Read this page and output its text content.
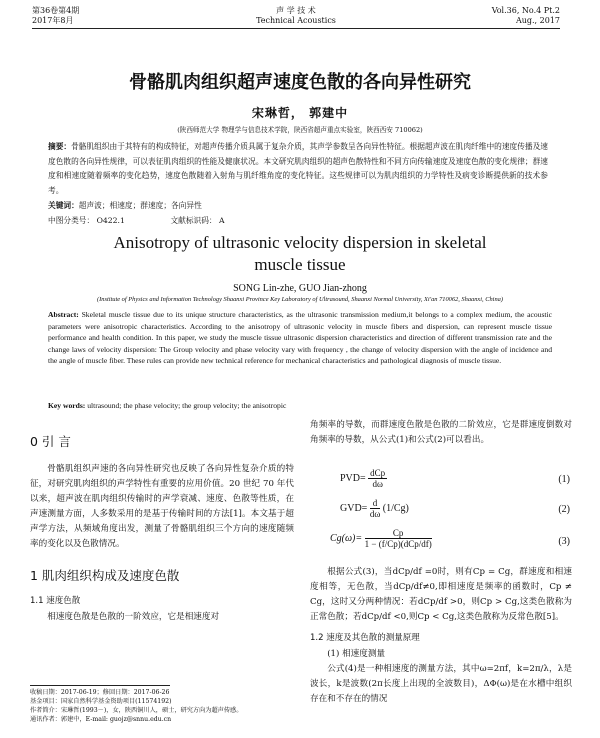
第36卷第4期
2017年8月
声 学 技 术
Technical Acoustics
Vol.36, No.4 Pt.2
Aug., 2017
骨骼肌肉组织超声速度色散的各向异性研究
宋琳哲， 郭建中
(陕西师范大学 物理学与信息技术学院，陕西省超声重点实验室，陕西西安 710062)
摘要：骨骼肌组织由于其特有的构成特征，对超声传播介质具属于复杂介质，其声学参数呈各向异性特征。根据超声波在肌肉纤维中的速度传播及速度色散的各向异性规律，可以表征肌肉组织的性能及健康状况。本文研究肌肉组织的超声色散特性和不同方向传输速度及速度色散的变化规律；群速度和相速度随着频率的变化趋势，速度色散随着入射角与肌纤维角度的变化特征。这些规律可以为肌肉组织的力学特性及病变诊断提供新的技术参考。
关键词：超声波；相速度；群速度；各向异性
中图分类号： O422.1	文献标识码： A
Anisotropy of ultrasonic velocity dispersion in skeletal
muscle tissue
SONG Lin-zhe, GUO Jian-zhong
(Institute of Physics and Information Technology Shaanxi Province Key Laboratory of Ultrasound, Shaanxi Normal University, Xi'an 710062, Shaanxi, China)
Abstract: Skeletal muscle tissue due to its unique structure characteristics, as the ultrasonic transmission medium,it belongs to a complex medium, the acoustic parameters were anisotropic characteristics. According to the anisotropy of ultrasonic velocity in muscle fibers and dispersion, can represent muscle tissue performance and health condition. In this paper, we study the muscle tissue ultrasonic dispersion characteristics and direction of different transmission rate and the change laws of velocity dispersion: The Group velocity and phase velocity vary with frequency , the change of velocity dispersion with the angle of incidence and the angle of muscle fiber. These rules can provide new technical reference for mechanical characteristics and pathological diagnosis of muscle tissue.
Key words: ultrasound; the phase velocity; the group velocity; the anisotropic
0 引 言

骨骼肌组织声速的各向异性研究也反映了各向异性复杂介质的特征，对研究肌肉组织的声学特性有重要的应用价值。20 世纪 70 年代以来，超声波在肌肉组织传输时的声学衰减、速度、色散等性质，在声速测量方面，人多数采用的是基于传输时间的方法[1]。本文基于超声学方法，从频域角度出发，测量了骨骼肌组织三个方向的速度随频率的变化以及色散情况。

1 肌肉组织构成及速度色散
1.1 速度色散

相速度色散是色散的一阶效应，它是相速度对

收稿日期：2017-06-19；修回日期：2017-06-26
基金项目：国家自然科学基金资助项目(11574192)
作者简介：宋琳哲(1993－)，女，陕西铜川人，硕士，研究方向为超声传感。
通讯作者：郭建中，E-mail: guojz@snnu.edu.cn

角频率的导数，而群速度色散是色散的二阶效应，它是群速度倒数对角频率的导数，从公式(1)和公式(2)可以看出。

$PVD= \frac{\text{dCp}}{d\omega}$	(1)
$GVD= \frac{d}{d\omega} (1/Cg)$	(2)
$Cg(\omega)= \frac{Cp}{\text{1 − (f/Cp)(dCp/df)}}$	(3)

根据公式(3)，当dCp/df =0时，则有Cp = Cg，群速度和相速度相等，无色散，当dCp/df≠0,即相速度是频率的函数时，Cp ≠ Cg，这时又分两种情况：若dCp/df >0，则Cp > Cg,这类色散称为正常色散；若dCp/df <0,则Cp < Cg,这类色散称为反常色散[5]。

1.2 速度及其色散的测量原理
(1) 相速度测量

公式(4)是一种相速度的测量方法，其中ω=2πf，k=2π/λ，λ是波长，k是波数(2π长度上出现的全波数目)，ΔΦ(ω)是在水槽中组织存在和不存在的情况
